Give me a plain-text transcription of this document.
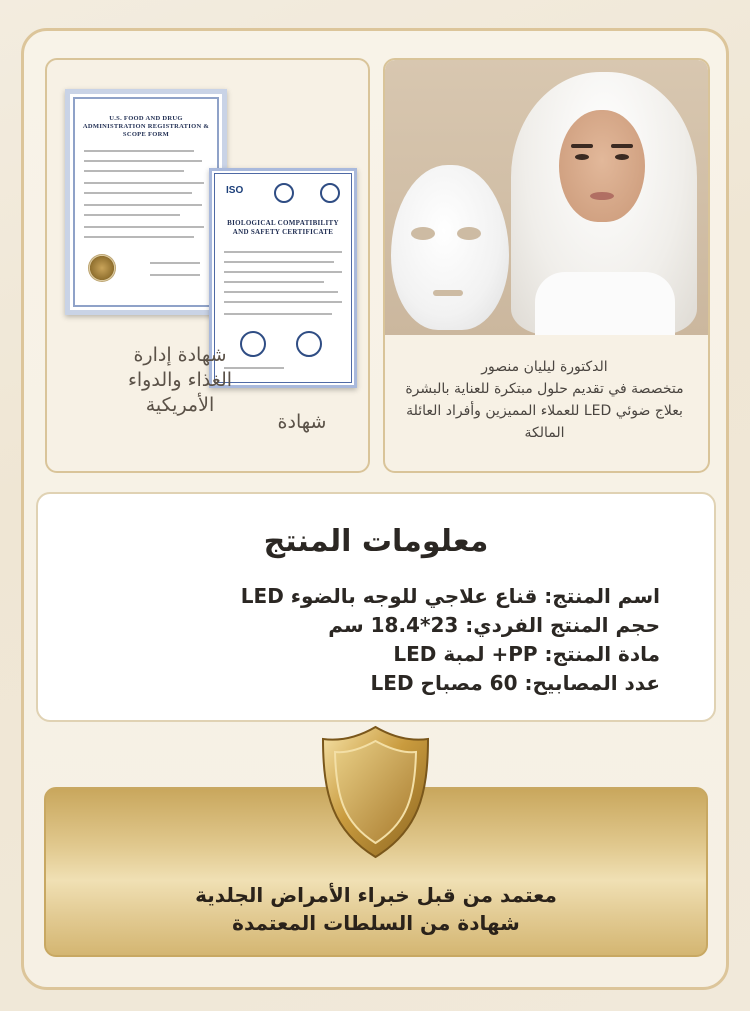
U.S. FOOD AND DRUG ADMINISTRATION REGISTRATION & SCOPE FORM
ISO
BIOLOGICAL COMPATIBILITY AND SAFETY CERTIFICATE
شهادة إدارة الغذاء والدواء الأمريكية
شهادة
الدكتورة ليليان منصور
متخصصة في تقديم حلول مبتكرة للعناية بالبشرة بعلاج ضوئي LED للعملاء المميزين وأفراد العائلة المالكة
معلومات المنتج
اسم المنتج: قناع علاجي للوجه بالضوء LED
حجم المنتج الفردي: 23*18.4 سم
مادة المنتج: PP+ لمبة LED
عدد المصابيح: 60 مصباح LED
معتمد من قبل خبراء الأمراض الجلدية
شهادة من السلطات المعتمدة
